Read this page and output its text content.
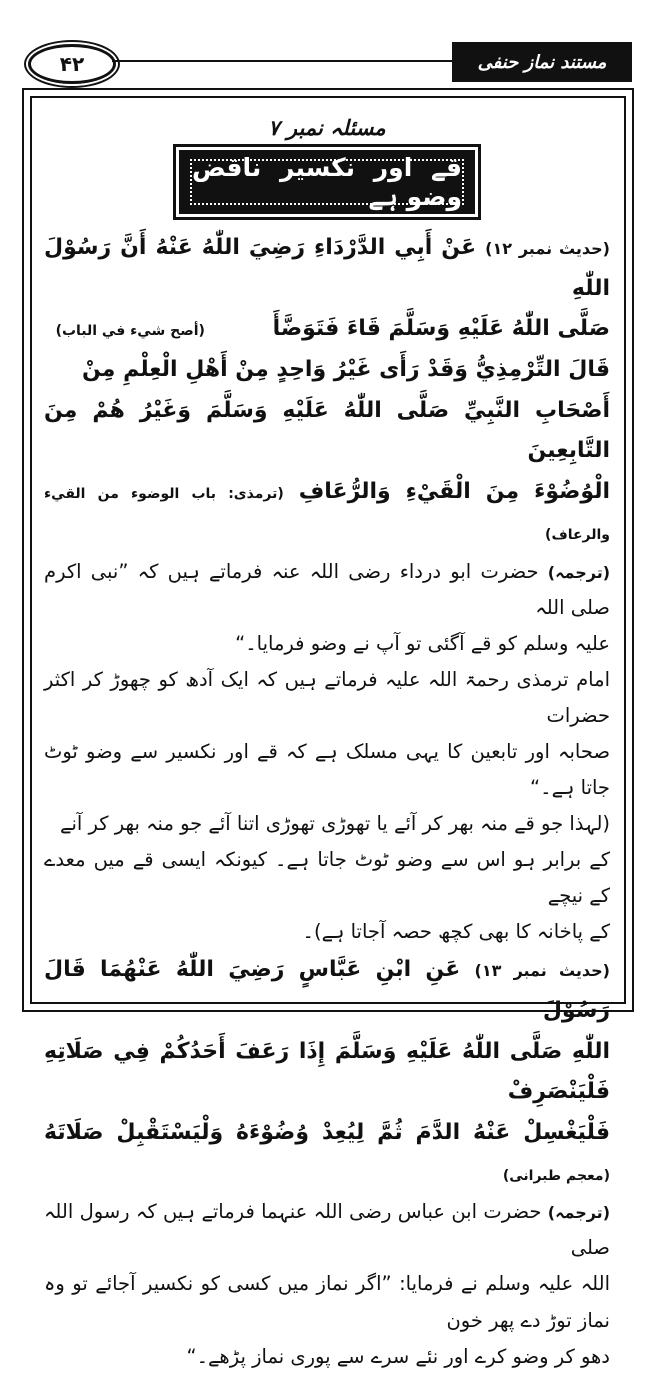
۴۲	مستند نماز حنفی
مسئلہ نمبر ۷
قے اور نکسیر ناقض وضو ہے

(حدیث نمبر ۱۲) عَنْ أَبِي الدَّرْدَاءِ رَضِيَ اللّٰهُ عَنْهُ أَنَّ رَسُوْلَ اللّٰهِ

صَلَّى اللّٰهُ عَلَيْهِ وَسَلَّمَ قَاءَ فَتَوَضَّأَ (أصح شيء في الباب)

قَالَ التِّرْمِذِيُّ وَقَدْ رَأَى غَيْرُ وَاحِدٍ مِنْ أَهْلِ الْعِلْمِ مِنْ

أَصْحَابِ النَّبِيِّ صَلَّى اللّٰهُ عَلَيْهِ وَسَلَّمَ وَغَيْرُ هُمْ مِنَ التَّابِعِينَ

الْوُضُوْءَ مِنَ الْقَيْءِ وَالرُّعَافِ (ترمذی: باب الوضوء من القيء والرعاف)

(ترجمہ) حضرت ابو درداء رضی اللہ عنہ فرماتے ہیں کہ ”نبی اکرم صلی اللہ

علیہ وسلم کو قے آگئی تو آپ نے وضو فرمایا۔“

امام ترمذی رحمۃ اللہ علیہ فرماتے ہیں کہ ایک آدھ کو چھوڑ کر اکثر حضرات

صحابہ اور تابعین کا یہی مسلک ہے کہ قے اور نکسیر سے وضو ٹوٹ جاتا ہے۔“

(لہذا جو قے منہ بھر کر آئے یا تھوڑی تھوڑی اتنا آئے جو منہ بھر کر آنے

کے برابر ہو اس سے وضو ٹوٹ جاتا ہے۔ کیونکہ ایسی قے میں معدے کے نیچے

کے پاخانہ کا بھی کچھ حصہ آجاتا ہے)۔

(حدیث نمبر ۱۳) عَنِ ابْنِ عَبَّاسٍ رَضِيَ اللّٰهُ عَنْهُمَا قَالَ رَسُوْلَ

اللّٰهِ صَلَّى اللّٰهُ عَلَيْهِ وَسَلَّمَ إِذَا رَعَفَ أَحَدُكُمْ فِي صَلَاتِهِ فَلْيَنْصَرِفْ

فَلْيَغْسِلْ عَنْهُ الدَّمَ ثُمَّ لِيُعِدْ وُضُوْءَهُ وَلْيَسْتَقْبِلْ صَلَاتَهُ (معجم طبرانی)

(ترجمہ) حضرت ابن عباس رضی اللہ عنہما فرماتے ہیں کہ رسول اللہ صلی

اللہ علیہ وسلم نے فرمایا: ”اگر نماز میں کسی کو نکسیر آجائے تو وہ نماز توڑ دے پھر خون

دھو کر وضو کرے اور نئے سرے سے پوری نماز پڑھے۔“
